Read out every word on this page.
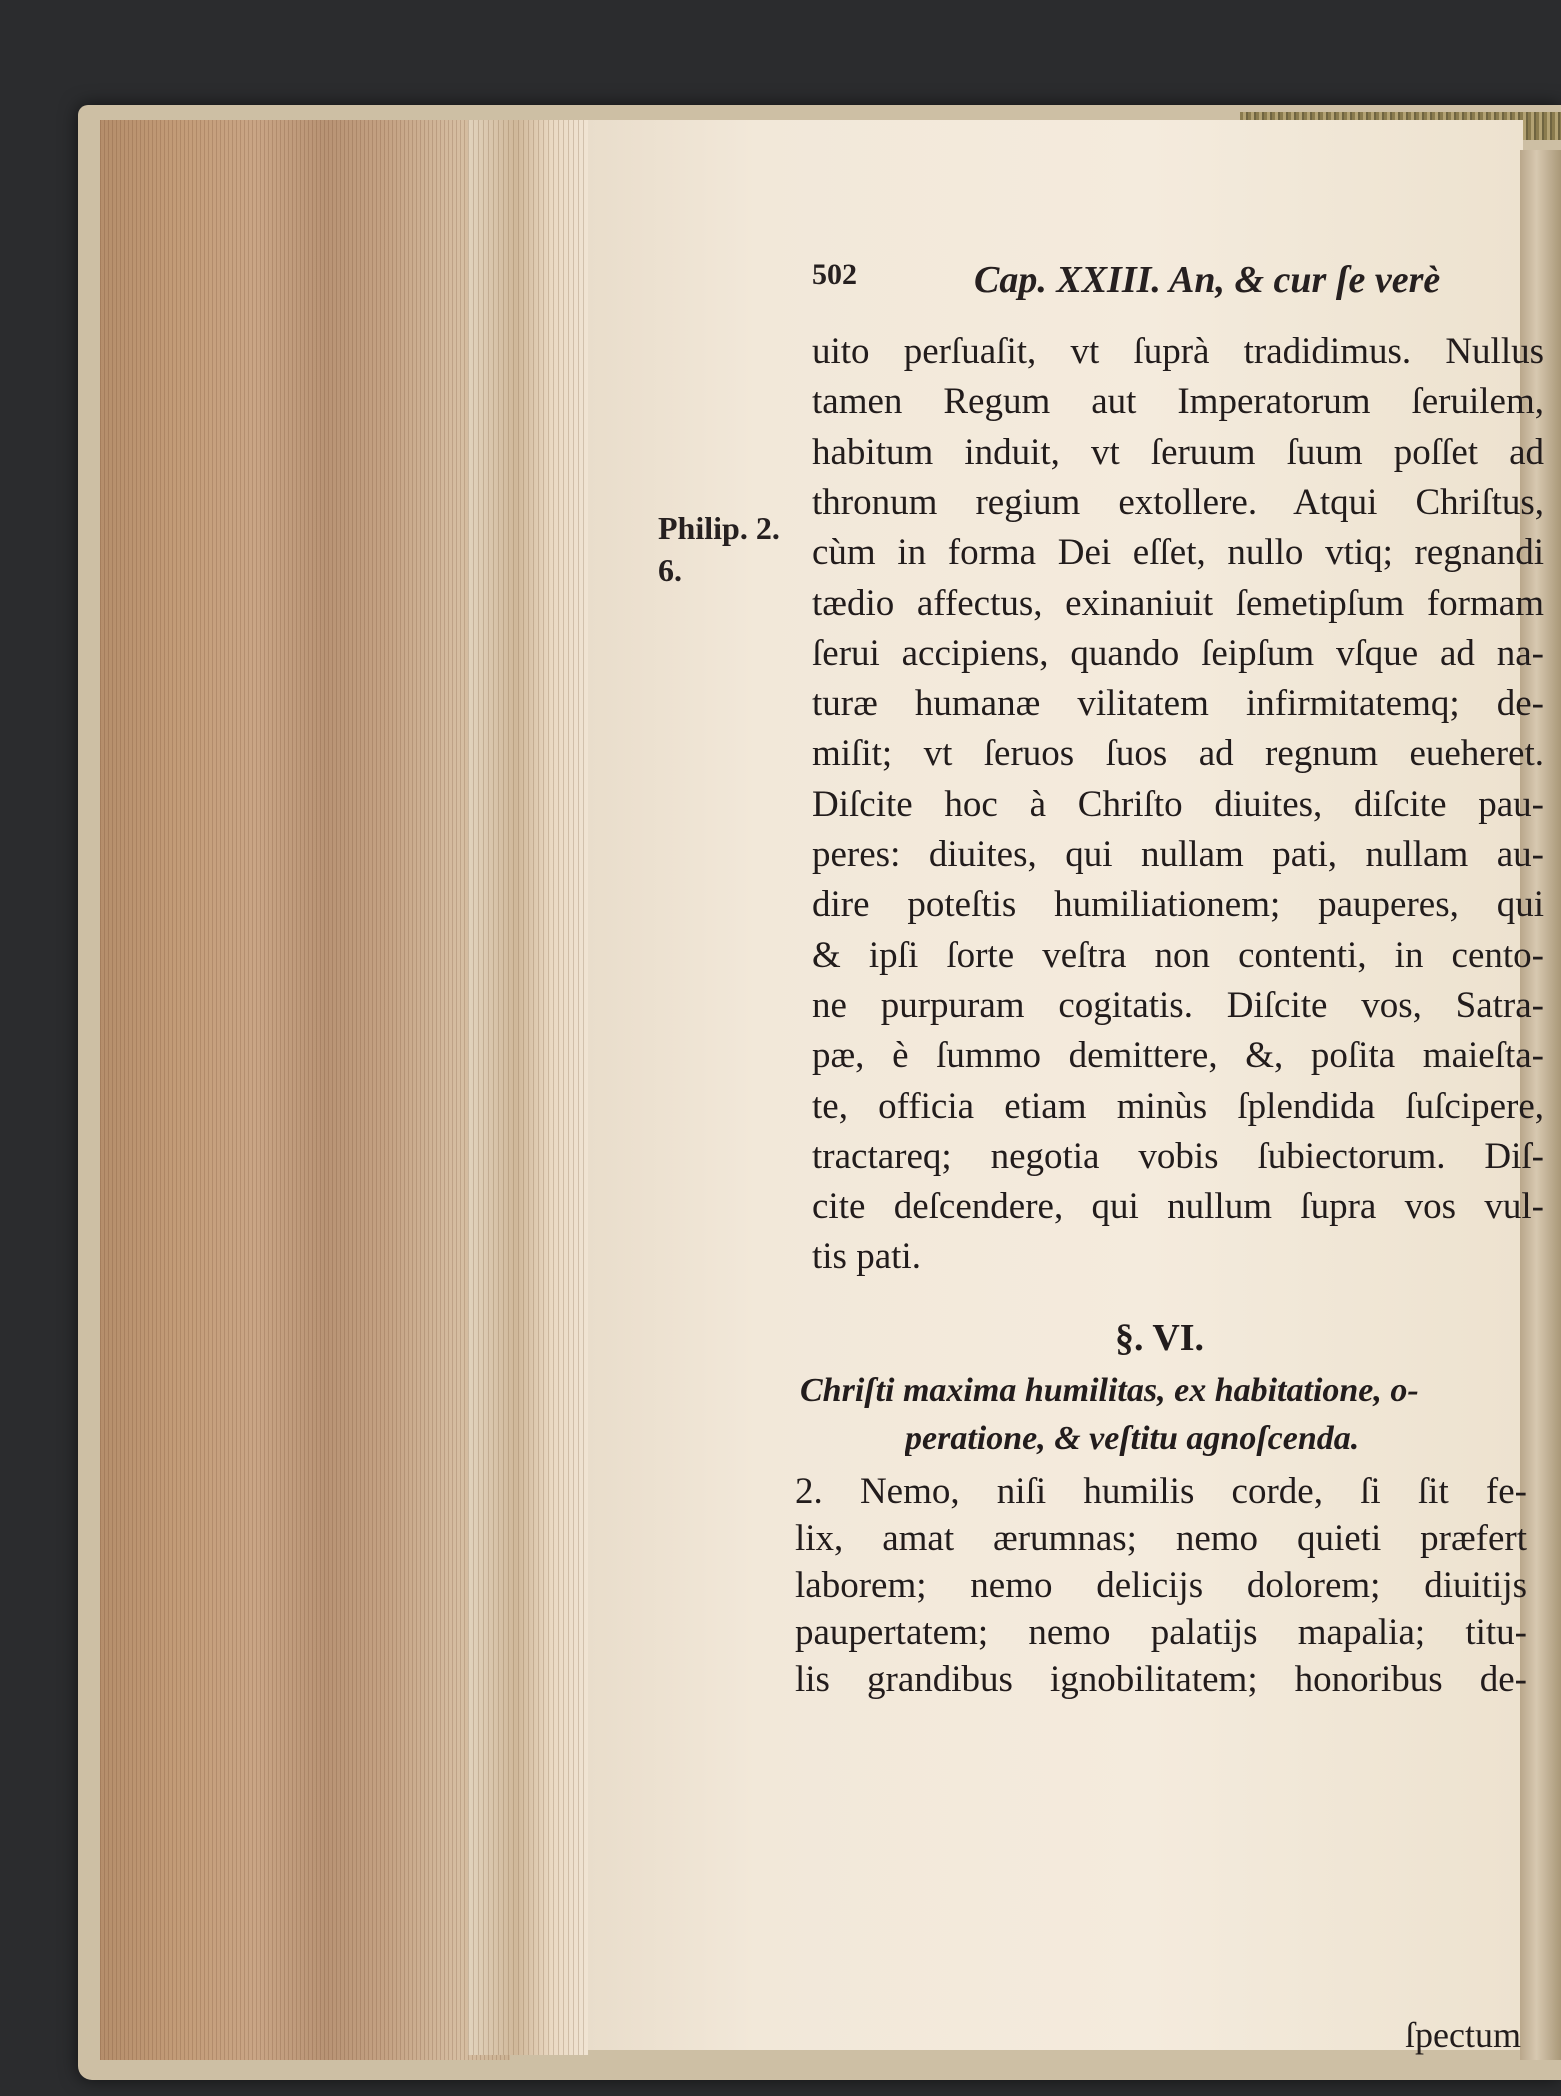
502	Cap. XXIII. An, & cur ſe verè
uito perſuaſit, vt ſuprà tradidimus. Nullus
tamen Regum aut Imperatorum ſeruilem,
habitum induit, vt ſeruum ſuum poſſet ad
thronum regium extollere. Atqui Chriſtus,
cùm in forma Dei eſſet, nullo vtiq; regnandi
tædio affectus, exinaniuit ſemetipſum formam
ſerui accipiens, quando ſeipſum vſque ad na-
turæ humanæ vilitatem infirmitatemq; de-
miſit; vt ſeruos ſuos ad regnum eueheret.
Diſcite hoc à Chriſto diuites, diſcite pau-
peres: diuites, qui nullam pati, nullam au-
dire poteſtis humiliationem; pauperes, qui
& ipſi ſorte veſtra non contenti, in cento-
ne purpuram cogitatis. Diſcite vos, Satra-
pæ, è ſummo demittere, &, poſita maieſta-
te, officia etiam minùs ſplendida ſuſcipere,
tractareq; negotia vobis ſubiectorum. Diſ-
cite deſcendere, qui nullum ſupra vos vul-
tis pati.
Philip. 2.
6.
§. VI.
Chriſti maxima humilitas, ex habitatione, o-
peratione, & veſtitu agnoſcenda.
2. Nemo, niſi humilis corde, ſi ſit fe-
lix, amat ærumnas; nemo quieti præfert
laborem; nemo delicijs dolorem; diuitijs
paupertatem; nemo palatijs mapalia; titu-
lis grandibus ignobilitatem; honoribus de-
ſpectum
